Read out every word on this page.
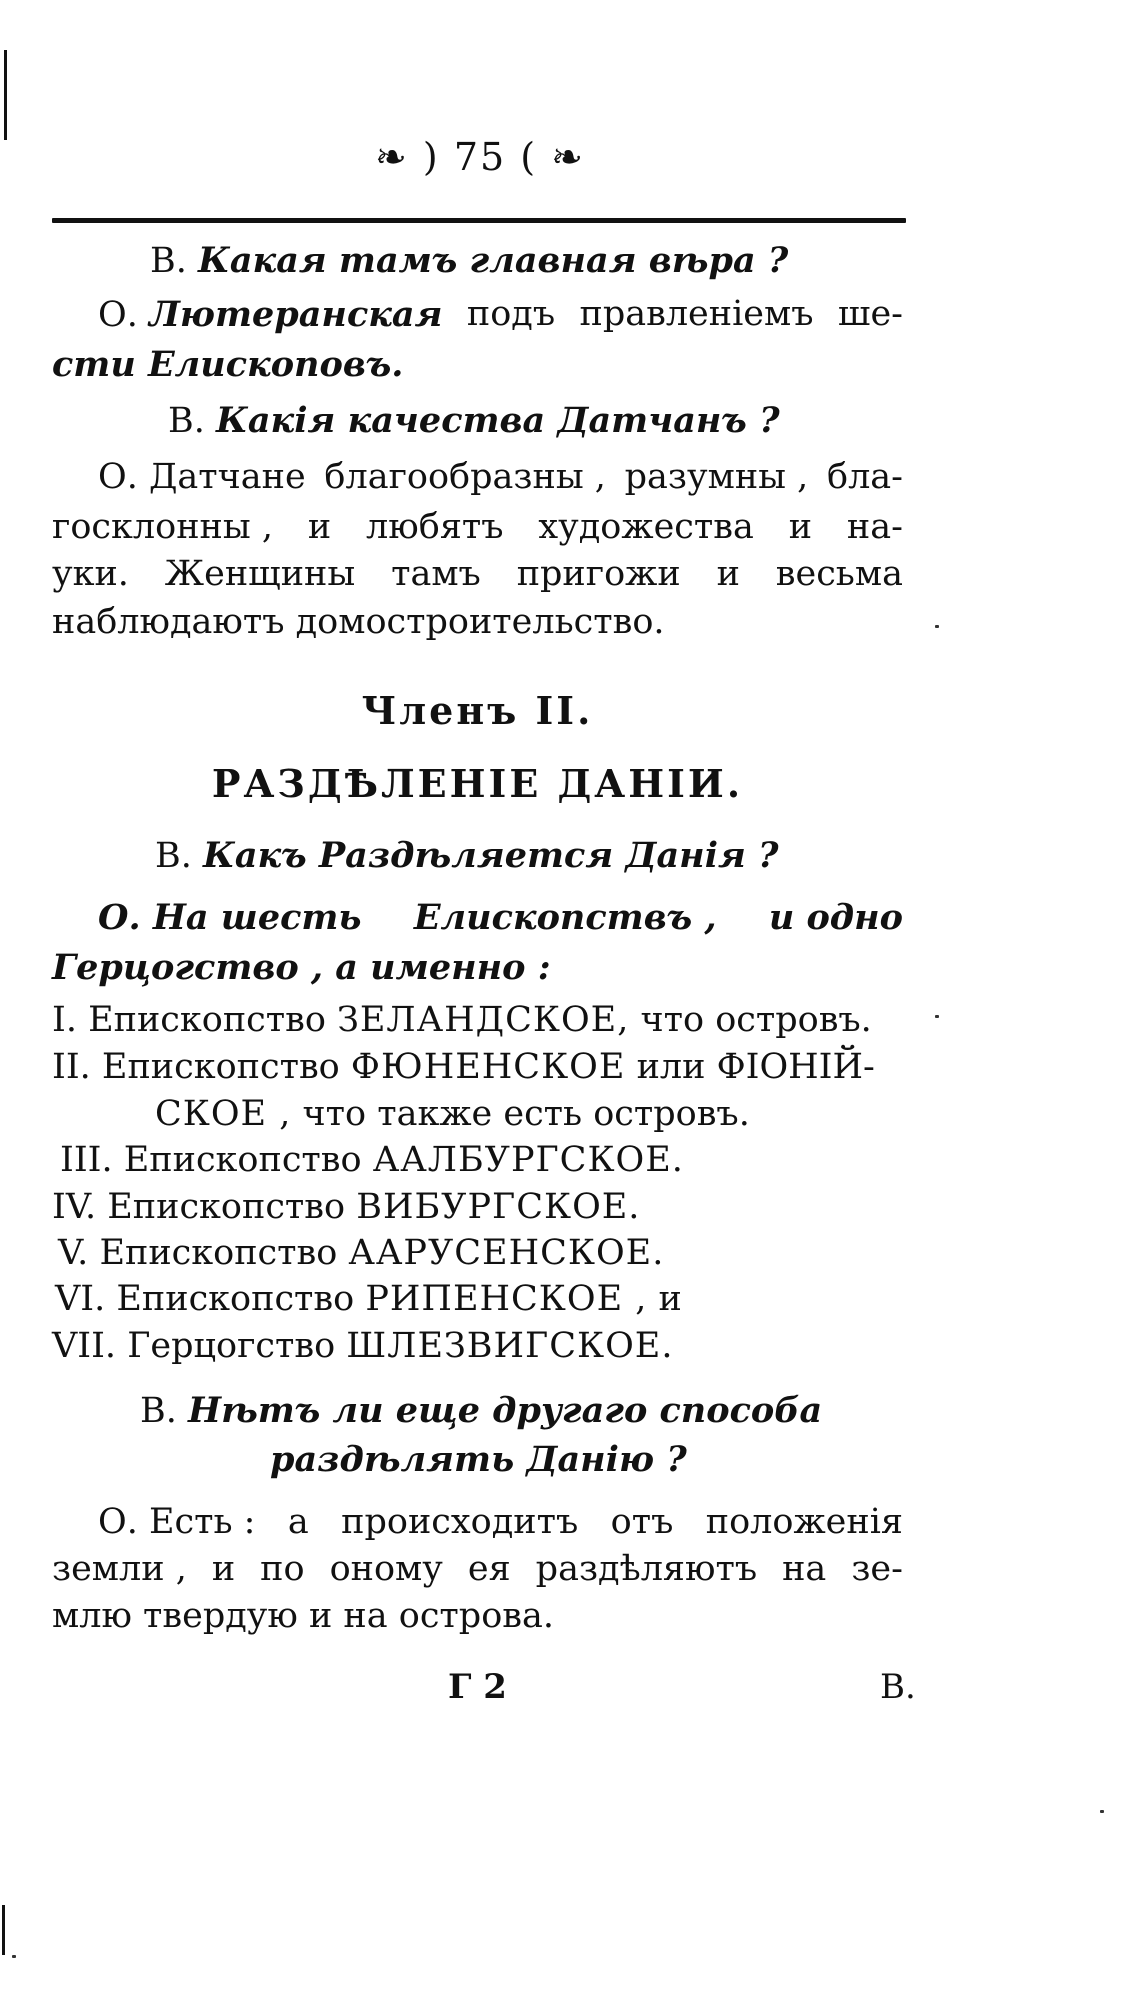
❧ ) 75 ( ❧
В. Какая тамъ главная вѣра ?
О. Лютеранская подъ правленіемъ ше-
сти Елископовъ.
В. Какія качества Датчанъ ?
О. Датчане благообразны , разумны , бла-
госклонны , и любятъ художества и на-
уки. Женщины тамъ пригожи и весьма
наблюдаютъ домостроительство.
Членъ II.
РАЗДѢЛЕНІЕ ДАНІИ.
В. Какъ Раздѣляется Данія ?
О. На шесть Елископствъ , и одно
Герцогство , а именно :
I. Епископство ЗЕЛАНДСКОЕ, что островъ.
II. Епископство ФЮНЕНСКОЕ или ФІОНІЙ-
СКОЕ , что также есть островъ.
III. Епископство ААЛБУРГСКОЕ.
IV. Епископство ВИБУРГСКОЕ.
V. Епископство ААРУСЕНСКОЕ.
VI. Епископство РИПЕНСКОЕ , и
VII. Герцогство ШЛЕЗВИГСКОЕ.
В. Нѣтъ ли еще другаго способа
раздѣлять Данію ?
О. Есть : а происходитъ отъ положенія
земли , и по оному ея раздѣляютъ на зе-
млю твердую и на острова.
Г 2	В.
